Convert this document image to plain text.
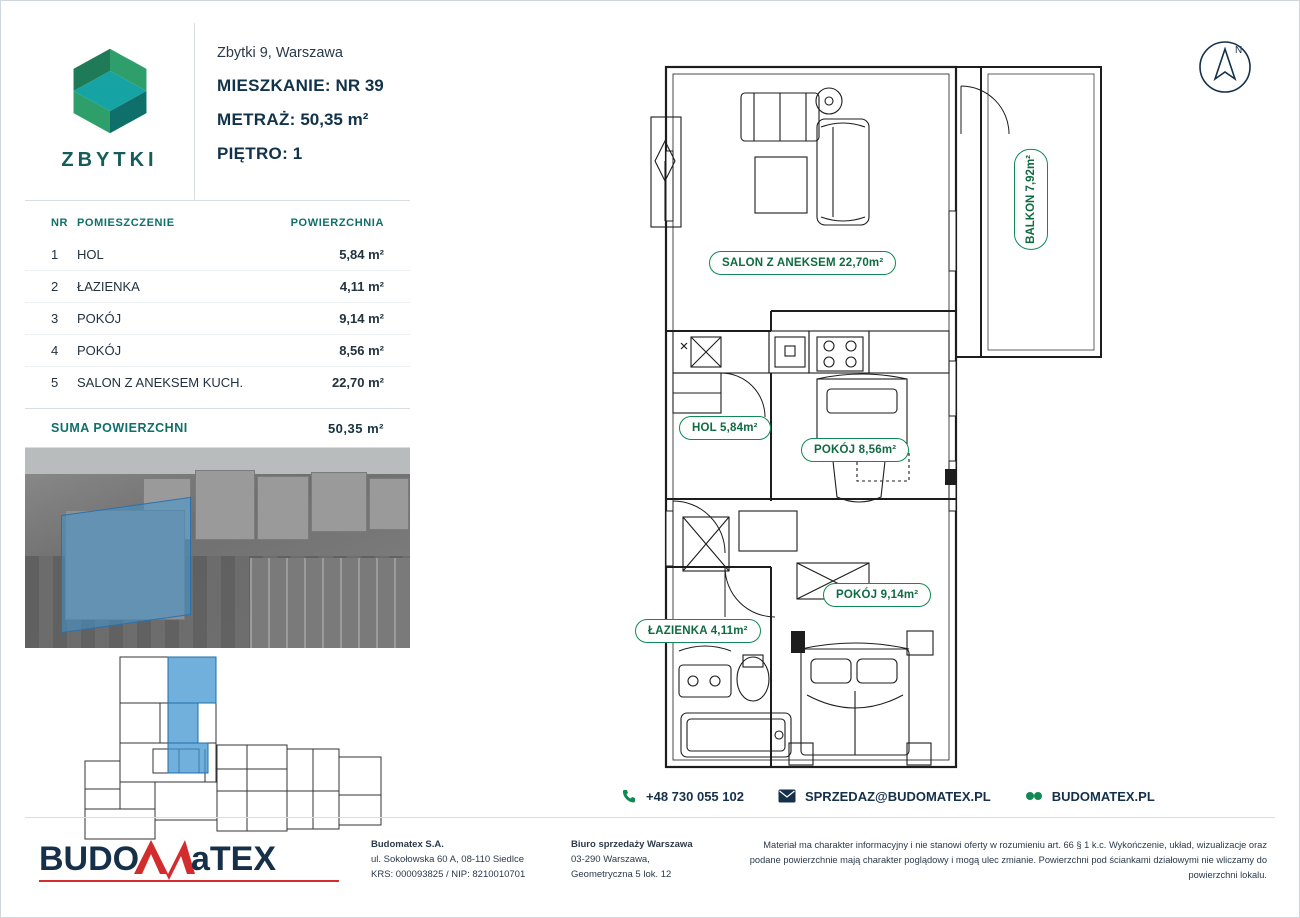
ZBYTKI
Zbytki 9, Warszawa
MIESZKANIE: NR 39
METRAŻ: 50,35 m²
PIĘTRO: 1
NR	POMIESZCZENIE	POWIERZCHNIA
1	HOL	5,84 m²
2	ŁAZIENKA	4,11 m²
3	POKÓJ	9,14 m²
4	POKÓJ	8,56 m²
5	SALON Z ANEKSEM KUCH.	22,70 m²
SUMA POWIERZCHNI	50,35 m²
N
SALON Z ANEKSEM 22,70m²
HOL 5,84m²
POKÓJ 8,56m²
POKÓJ 9,14m²
ŁAZIENKA 4,11m²
BALKON 7,92m²
+48 730 055 102	SPRZEDAZ@BUDOMATEX.PL	BUDOMATEX.PL
BUDO aTEX	Budomatex S.A.
ul. Sokołowska 60 A, 08-110 Siedlce
KRS: 000093825 / NIP: 8210010701
Biuro sprzedaży Warszawa
03-290 Warszawa,
Geometryczna 5 lok. 12
Materiał ma charakter informacyjny i nie stanowi oferty w rozumieniu art. 66 § 1 k.c. Wykończenie, układ, wizualizacje oraz podane powierzchnie mają charakter poglądowy i mogą ulec zmianie. Powierzchni pod ściankami działowymi nie wliczamy do powierzchni lokalu.
